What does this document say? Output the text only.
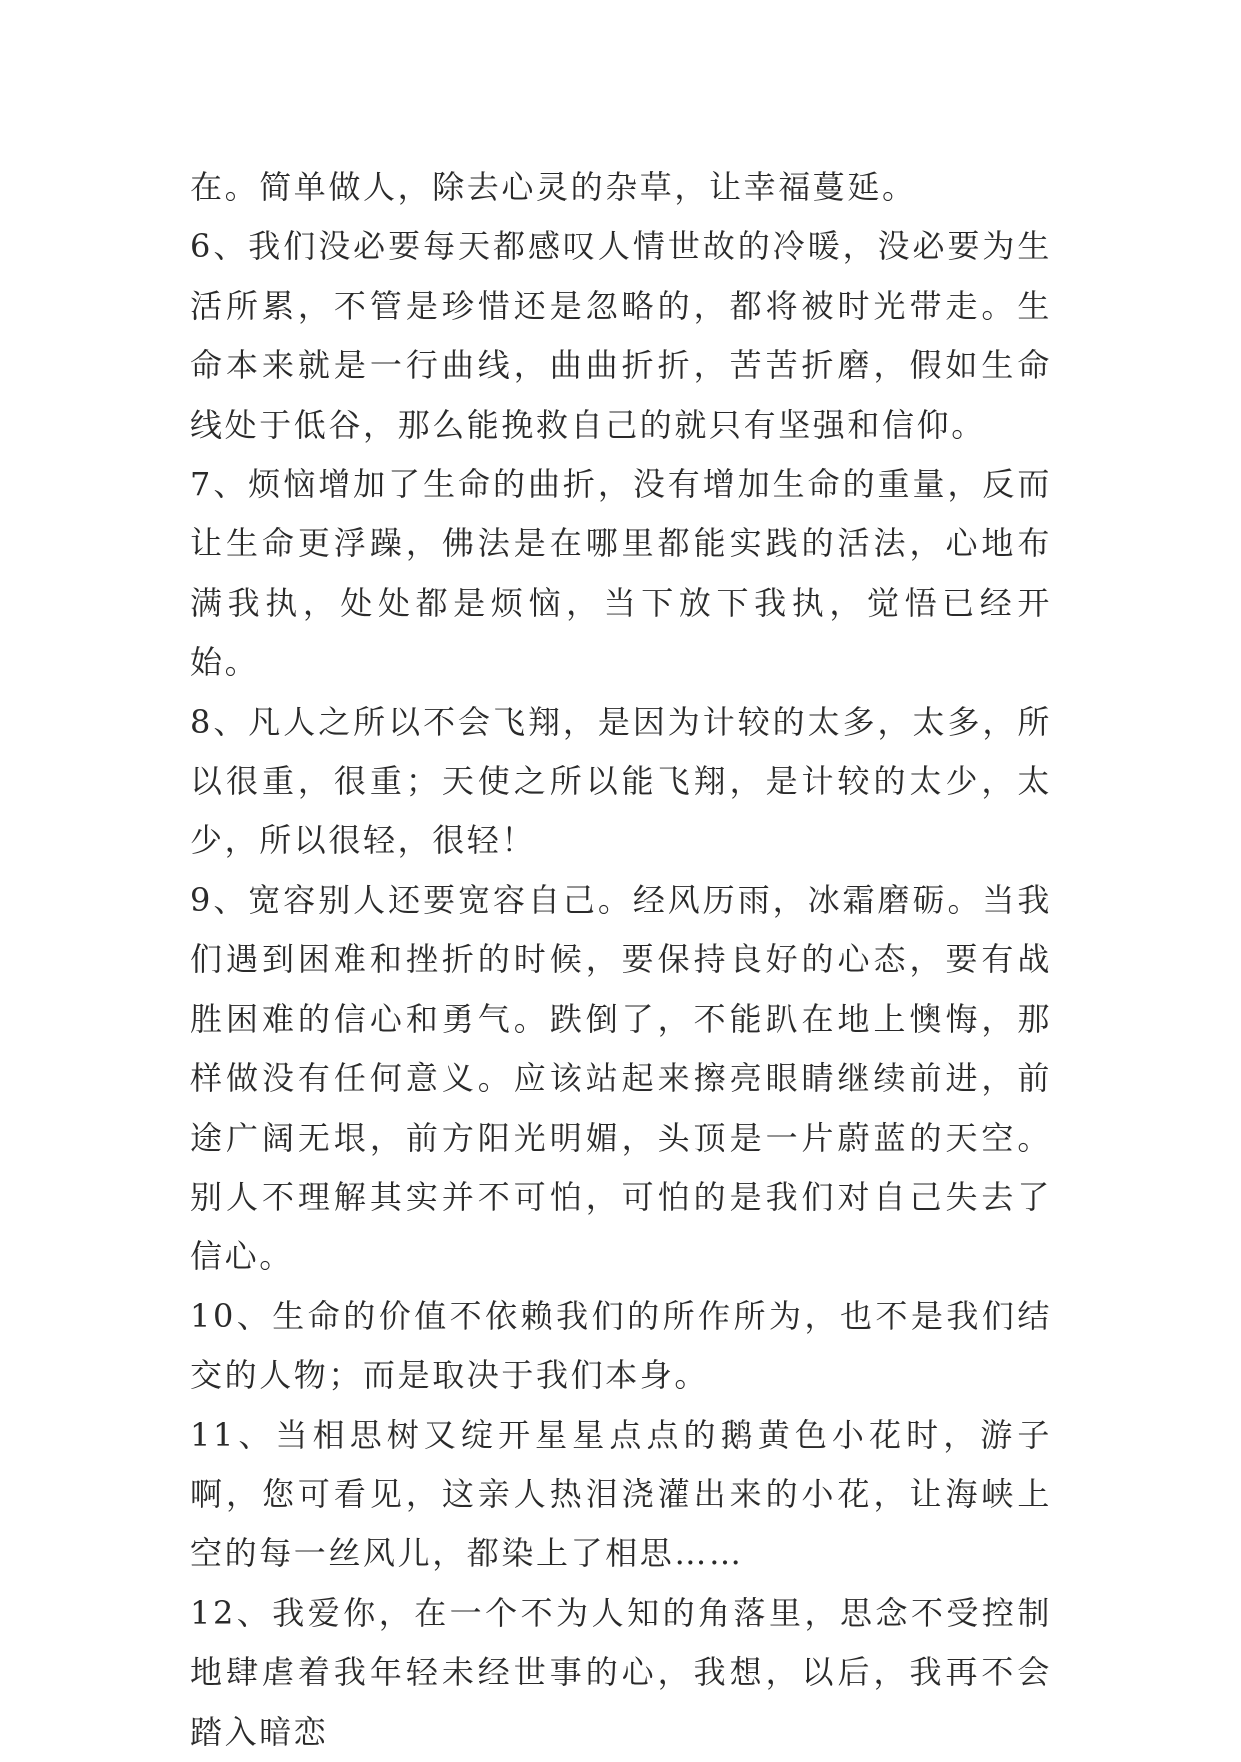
在。简单做人，除去心灵的杂草，让幸福蔓延。

6、我们没必要每天都感叹人情世故的冷暖，没必要为生活所累，不管是珍惜还是忽略的，都将被时光带走。生命本来就是一行曲线，曲曲折折，苦苦折磨，假如生命线处于低谷，那么能挽救自己的就只有坚强和信仰。

7、烦恼增加了生命的曲折，没有增加生命的重量，反而让生命更浮躁，佛法是在哪里都能实践的活法，心地布满我执，处处都是烦恼，当下放下我执，觉悟已经开始。

8、凡人之所以不会飞翔，是因为计较的太多，太多，所以很重，很重；天使之所以能飞翔，是计较的太少，太少，所以很轻，很轻！

9、宽容别人还要宽容自己。经风历雨，冰霜磨砺。当我们遇到困难和挫折的时候，要保持良好的心态，要有战胜困难的信心和勇气。跌倒了，不能趴在地上懊悔，那样做没有任何意义。应该站起来擦亮眼睛继续前进，前途广阔无垠，前方阳光明媚，头顶是一片蔚蓝的天空。别人不理解其实并不可怕，可怕的是我们对自己失去了信心。

10、生命的价值不依赖我们的所作所为，也不是我们结交的人物；而是取决于我们本身。

11、当相思树又绽开星星点点的鹅黄色小花时，游子啊，您可看见，这亲人热泪浇灌出来的小花，让海峡上空的每一丝风儿，都染上了相思……

12、我爱你，在一个不为人知的角落里，思念不受控制地肆虐着我年轻未经世事的心，我想，以后，我再不会踏入暗恋
